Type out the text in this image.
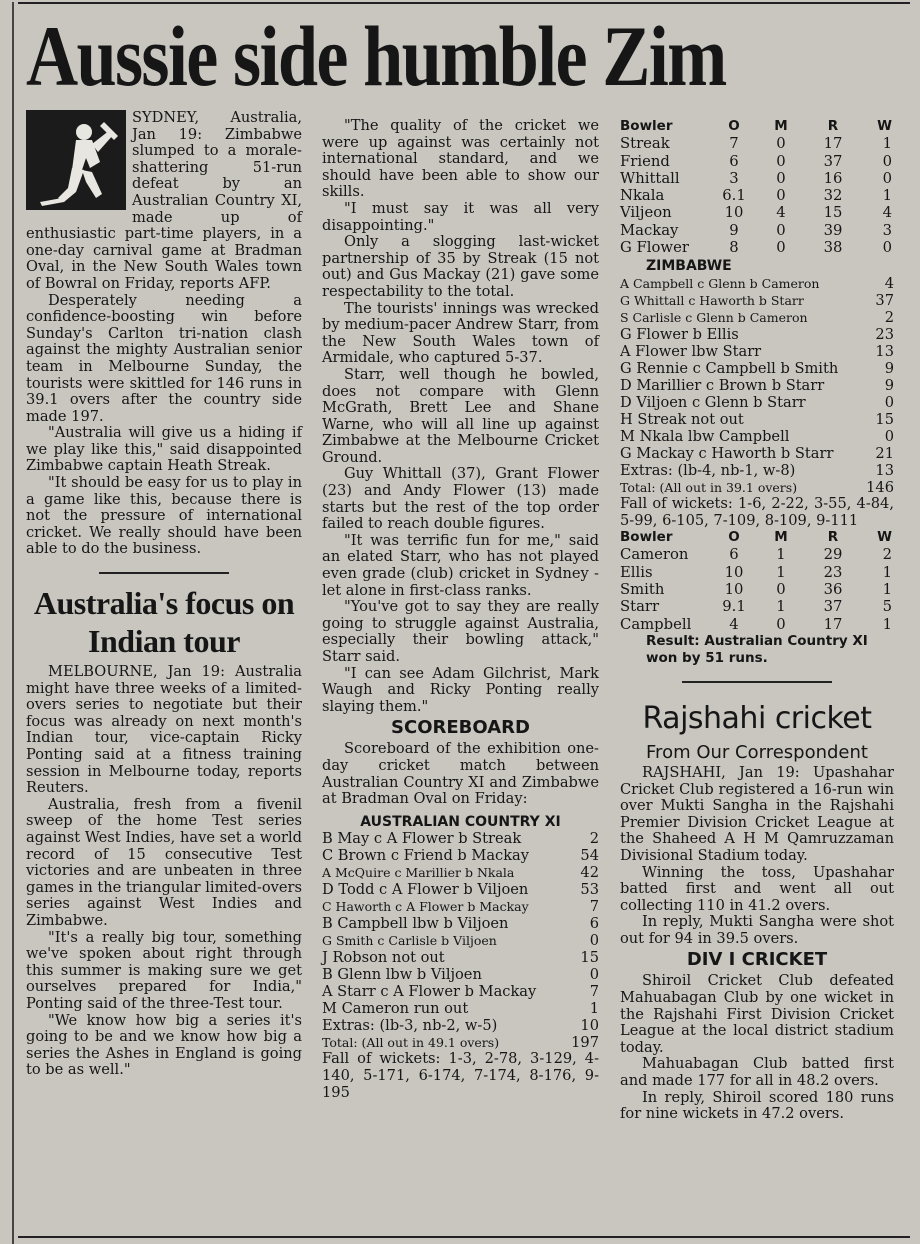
Aussie side humble Zim

SYDNEY, Australia, Jan 19: Zimbabwe slumped to a morale-shattering 51-run defeat by an Australian Country XI, made up of enthusiastic part-time players, in a one-day carnival game at Bradman Oval, in the New South Wales town of Bowral on Friday, reports AFP.

Desperately needing a confidence-boosting win before Sunday's Carlton tri-nation clash against the mighty Australian senior team in Melbourne Sunday, the tourists were skittled for 146 runs in 39.1 overs after the country side made 197.

"Australia will give us a hiding if we play like this," said disappointed Zimbabwe captain Heath Streak.

"It should be easy for us to play in a game like this, because there is not the pressure of international cricket. We really should have been able to do the business.

Australia's focus on Indian tour

MELBOURNE, Jan 19: Australia might have three weeks of a limited-overs series to negotiate but their focus was already on next month's Indian tour, vice-captain Ricky Ponting said at a fitness training session in Melbourne today, reports Reuters.

Australia, fresh from a fivenil sweep of the home Test series against West Indies, have set a world record of 15 consecutive Test victories and are unbeaten in three games in the triangular limited-overs series against West Indies and Zimbabwe.

"It's a really big tour, something we've spoken about right through this summer is making sure we get ourselves prepared for India," Ponting said of the three-Test tour.

"We know how big a series it's going to be and we know how big a series the Ashes in England is going to be as well."

"The quality of the cricket we were up against was certainly not international standard, and we should have been able to show our skills.

"I must say it was all very disappointing."

Only a slogging last-wicket partnership of 35 by Streak (15 not out) and Gus Mackay (21) gave some respectability to the total.

The tourists' innings was wrecked by medium-pacer Andrew Starr, from the New South Wales town of Armidale, who captured 5-37.

Starr, well though he bowled, does not compare with Glenn McGrath, Brett Lee and Shane Warne, who will all line up against Zimbabwe at the Melbourne Cricket Ground.

Guy Whittall (37), Grant Flower (23) and Andy Flower (13) made starts but the rest of the top order failed to reach double figures.

"It was terrific fun for me," said an elated Starr, who has not played even grade (club) cricket in Sydney - let alone in first-class ranks.

"You've got to say they are really going to struggle against Australia, especially their bowling attack," Starr said.

"I can see Adam Gilchrist, Mark Waugh and Ricky Ponting really slaying them."

SCOREBOARD

Scoreboard of the exhibition one-day cricket match between Australian Country XI and Zimbabwe at Bradman Oval on Friday:

AUSTRALIAN COUNTRY XI
B May c A Flower b Streak	2
C Brown c Friend b Mackay	54
A McQuire c Marillier b Nkala	42
D Todd c A Flower b Viljoen	53
C Haworth c A Flower b Mackay	7
B Campbell lbw b Viljoen	6
G Smith c Carlisle b Viljoen	0
J Robson not out	15
B Glenn lbw b Viljoen	0
A Starr c A Flower b Mackay	7
M Cameron run out	1
Extras: (lb-3, nb-2, w-5)	10
Total: (All out in 49.1 overs)	197

Fall of wickets: 1-3, 2-78, 3-129, 4-140, 5-171, 6-174, 7-174, 8-176, 9-195

Bowler	O	M	R	W
Streak	7	0	17	1
Friend	6	0	37	0
Whittall	3	0	16	0
Nkala	6.1	0	32	1
Viljeon	10	4	15	4
Mackay	9	0	39	3
G Flower	8	0	38	0
ZIMBABWE
A Campbell c Glenn b Cameron	4
G Whittall c Haworth b Starr	37
S Carlisle c Glenn b Cameron	2
G Flower b Ellis	23
A Flower lbw Starr	13
G Rennie c Campbell b Smith	9
D Marillier c Brown b Starr	9
D Viljoen c Glenn b Starr	0
H Streak not out	15
M Nkala lbw Campbell	0
G Mackay c Haworth b Starr	21
Extras: (lb-4, nb-1, w-8)	13
Total: (All out in 39.1 overs)	146

Fall of wickets: 1-6, 2-22, 3-55, 4-84, 5-99, 6-105, 7-109, 8-109, 9-111

Bowler	O	M	R	W
Cameron	6	1	29	2
Ellis	10	1	23	1
Smith	10	0	36	1
Starr	9.1	1	37	5
Campbell	4	0	17	1

Result: Australian Country XI won by 51 runs.

Rajshahi cricket
From Our Correspondent

RAJSHAHI, Jan 19: Upashahar Cricket Club registered a 16-run win over Mukti Sangha in the Rajshahi Premier Division Cricket League at the Shaheed A H M Qamruzzaman Divisional Stadium today.

Winning the toss, Upashahar batted first and went all out collecting 110 in 41.2 overs.

In reply, Mukti Sangha were shot out for 94 in 39.5 overs.

DIV I CRICKET

Shiroil Cricket Club defeated Mahuabagan Club by one wicket in the Rajshahi First Division Cricket League at the local district stadium today.

Mahuabagan Club batted first and made 177 for all in 48.2 overs.

In reply, Shiroil scored 180 runs for nine wickets in 47.2 overs.
